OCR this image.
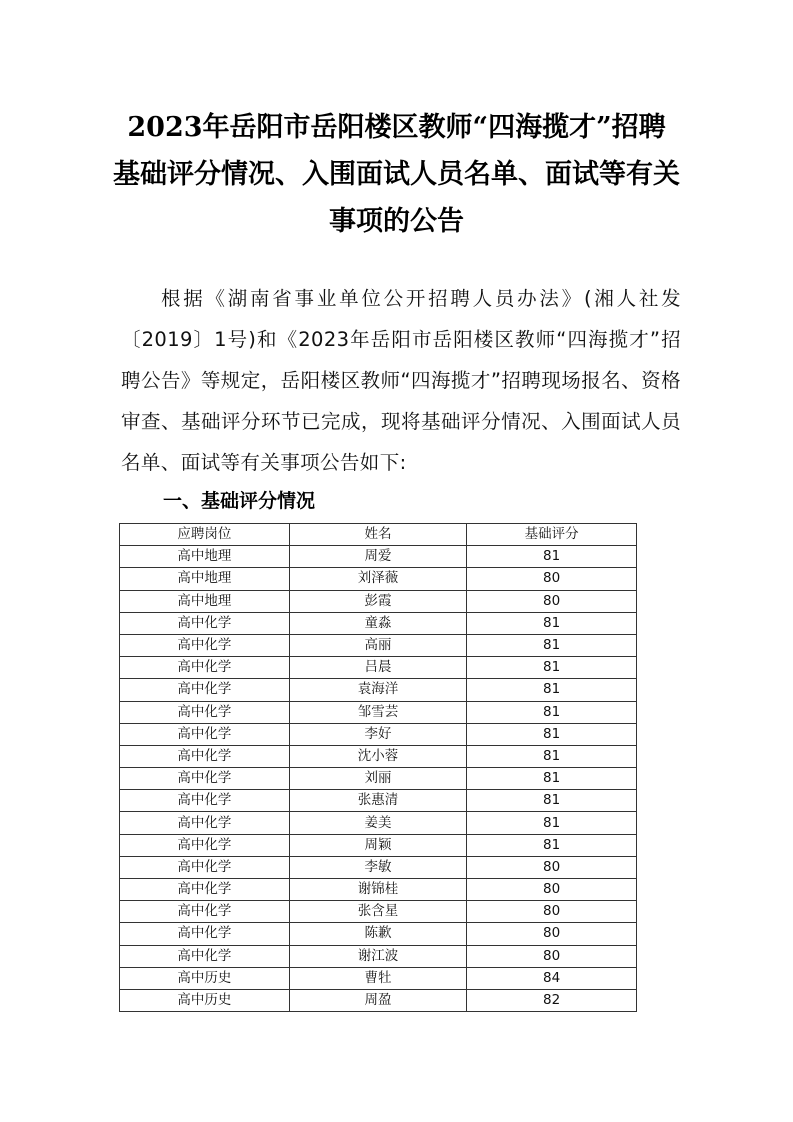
2023年岳阳市岳阳楼区教师“四海揽才”招聘
基础评分情况、入围面试人员名单、面试等有关
事项的公告

根据《湖南省事业单位公开招聘人员办法》(湘人社发〔2019〕1号)和《2023年岳阳市岳阳楼区教师“四海揽才”招聘公告》等规定，岳阳楼区教师“四海揽才”招聘现场报名、资格审查、基础评分环节已完成，现将基础评分情况、入围面试人员名单、面试等有关事项公告如下:

一、基础评分情况
应聘岗位	姓名	基础评分
高中地理	周爱	81
高中地理	刘泽薇	80
高中地理	彭霞	80
高中化学	童淼	81
高中化学	高丽	81
高中化学	吕晨	81
高中化学	袁海洋	81
高中化学	邹雪芸	81
高中化学	李好	81
高中化学	沈小蓉	81
高中化学	刘丽	81
高中化学	张惠清	81
高中化学	姜美	81
高中化学	周颖	81
高中化学	李敏	80
高中化学	谢锦桂	80
高中化学	张含星	80
高中化学	陈歉	80
高中化学	谢江波	80
高中历史	曹牡	84
高中历史	周盈	82
